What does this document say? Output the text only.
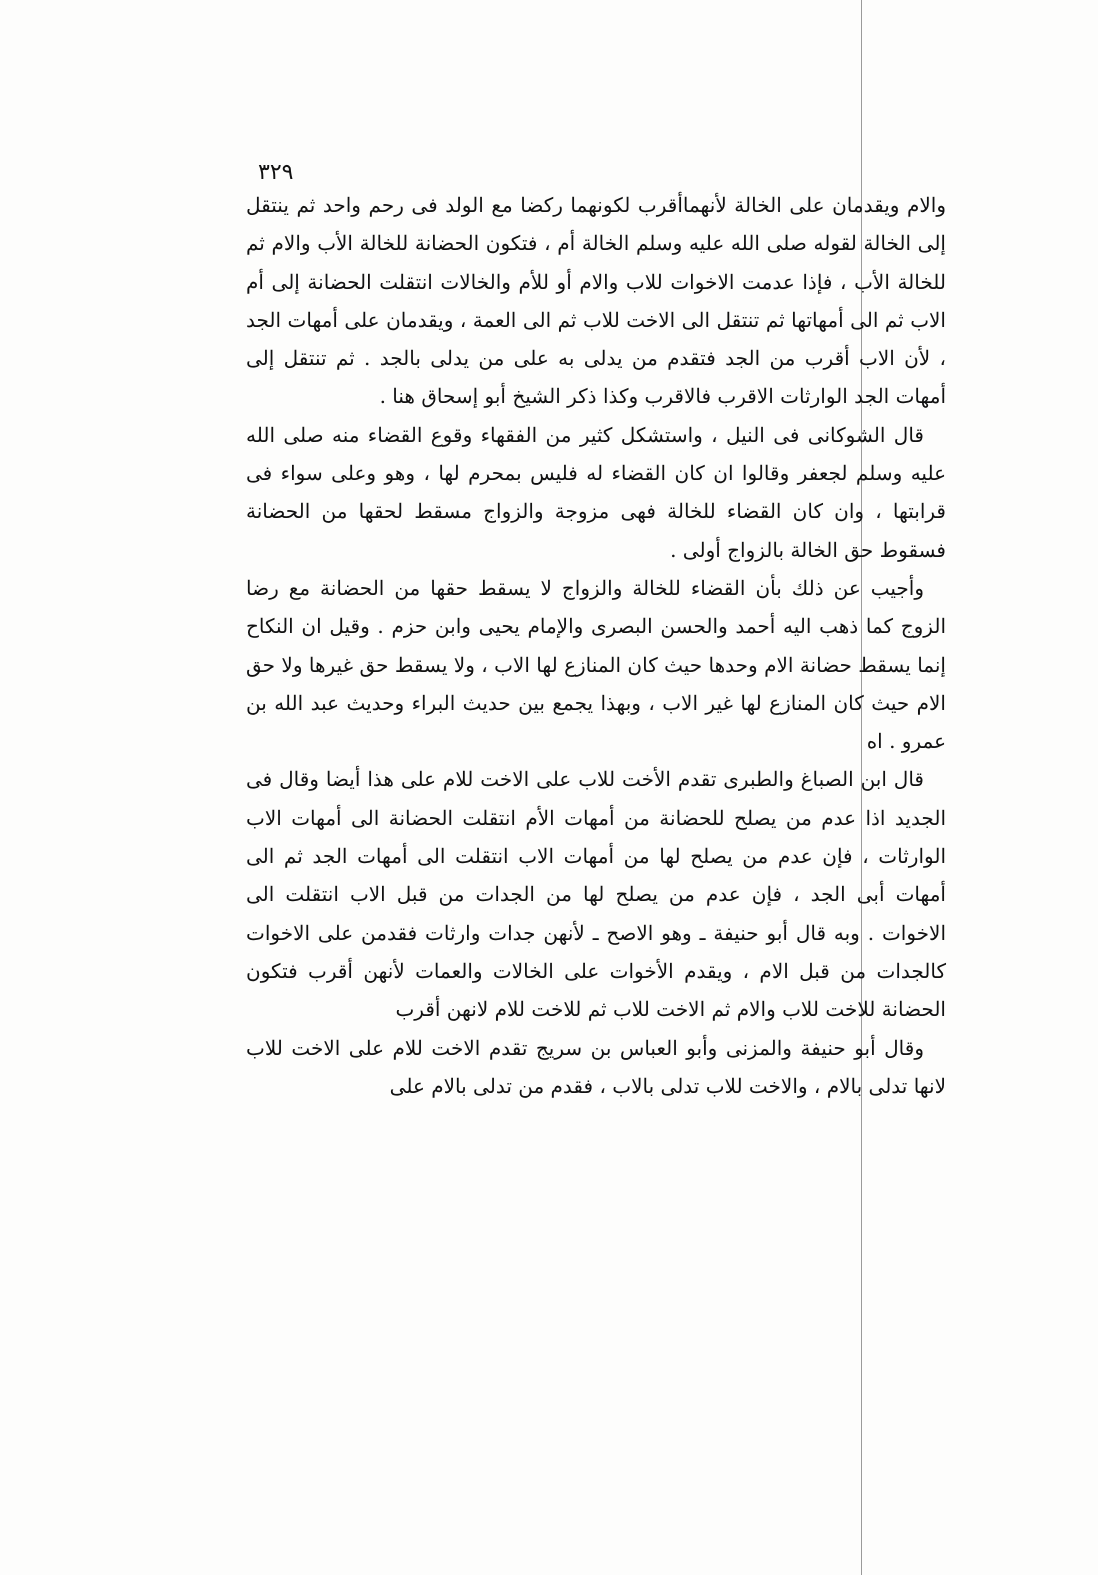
٣٢٩

والام ويقدمان على الخالة لأنهماأقرب لكونهما ركضا مع الولد فى رحم واحد ثم ينتقل إلى الخالة لقوله صلى الله عليه وسلم الخالة أم ، فتكون الحضانة للخالة الأب والام ثم للخالة الأب ، فإذا عدمت الاخوات للاب والام أو للأم والخالات انتقلت الحضانة إلى أم الاب ثم الى أمهاتها ثم تنتقل الى الاخت للاب ثم الى العمة ، ويقدمان على أمهات الجد ، لأن الاب أقرب من الجد فتقدم من يدلى به على من يدلى بالجد . ثم تنتقل إلى أمهات الجد الوارثات الاقرب فالاقرب وكذا ذكر الشيخ أبو إسحاق هنا .

قال الشوكانى فى النيل ، واستشكل كثير من الفقهاء وقوع القضاء منه صلى الله عليه وسلم لجعفر وقالوا ان كان القضاء له فليس بمحرم لها ، وهو وعلى سواء فى قرابتها ، وان كان القضاء للخالة فهى مزوجة والزواج مسقط لحقها من الحضانة فسقوط حق الخالة بالزواج أولى .

وأجيب عن ذلك بأن القضاء للخالة والزواج لا يسقط حقها من الحضانة مع رضا الزوج كما ذهب اليه أحمد والحسن البصرى والإمام يحيى وابن حزم . وقيل ان النكاح إنما يسقط حضانة الام وحدها حيث كان المنازع لها الاب ، ولا يسقط حق غيرها ولا حق الام حيث كان المنازع لها غير الاب ، وبهذا يجمع بين حديث البراء وحديث عبد الله بن عمرو . اه

قال ابن الصباغ والطبرى تقدم الأخت للاب على الاخت للام على هذا أيضا وقال فى الجديد اذا عدم من يصلح للحضانة من أمهات الأم انتقلت الحضانة الى أمهات الاب الوارثات ، فإن عدم من يصلح لها من أمهات الاب انتقلت الى أمهات الجد ثم الى أمهات أبى الجد ، فإن عدم من يصلح لها من الجدات من قبل الاب انتقلت الى الاخوات . وبه قال أبو حنيفة ـ وهو الاصح ـ لأنهن جدات وارثات فقدمن على الاخوات كالجدات من قبل الام ، ويقدم الأخوات على الخالات والعمات لأنهن أقرب فتكون الحضانة للاخت للاب والام ثم الاخت للاب ثم للاخت للام لانهن أقرب

وقال أبو حنيفة والمزنى وأبو العباس بن سريج تقدم الاخت للام على الاخت للاب لانها تدلى بالام ، والاخت للاب تدلى بالاب ، فقدم من تدلى بالام على
